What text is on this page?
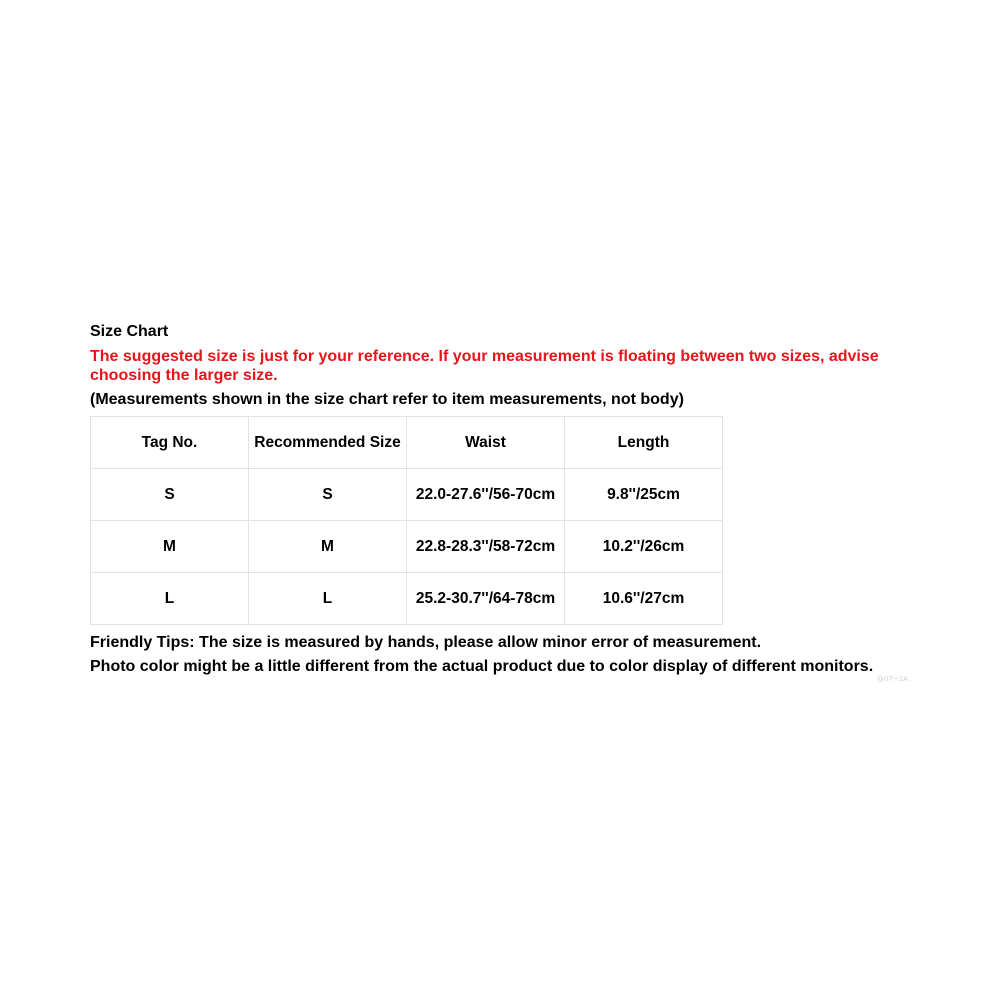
Size Chart

The suggested size is just for your reference. If your measurement is floating between two sizes, advise choosing the larger size.

(Measurements shown in the size chart refer to item measurements, not body)

Tag No.	Recommended Size	Waist	Length
S	S	22.0-27.6''/56-70cm	9.8''/25cm
M	M	22.8-28.3''/58-72cm	10.2''/26cm
L	L	25.2-30.7''/64-78cm	10.6''/27cm
Friendly Tips: The size is measured by hands, please allow minor error of measurement.
Photo color might be a little different from the actual product due to color display of different monitors.
@07~1A
